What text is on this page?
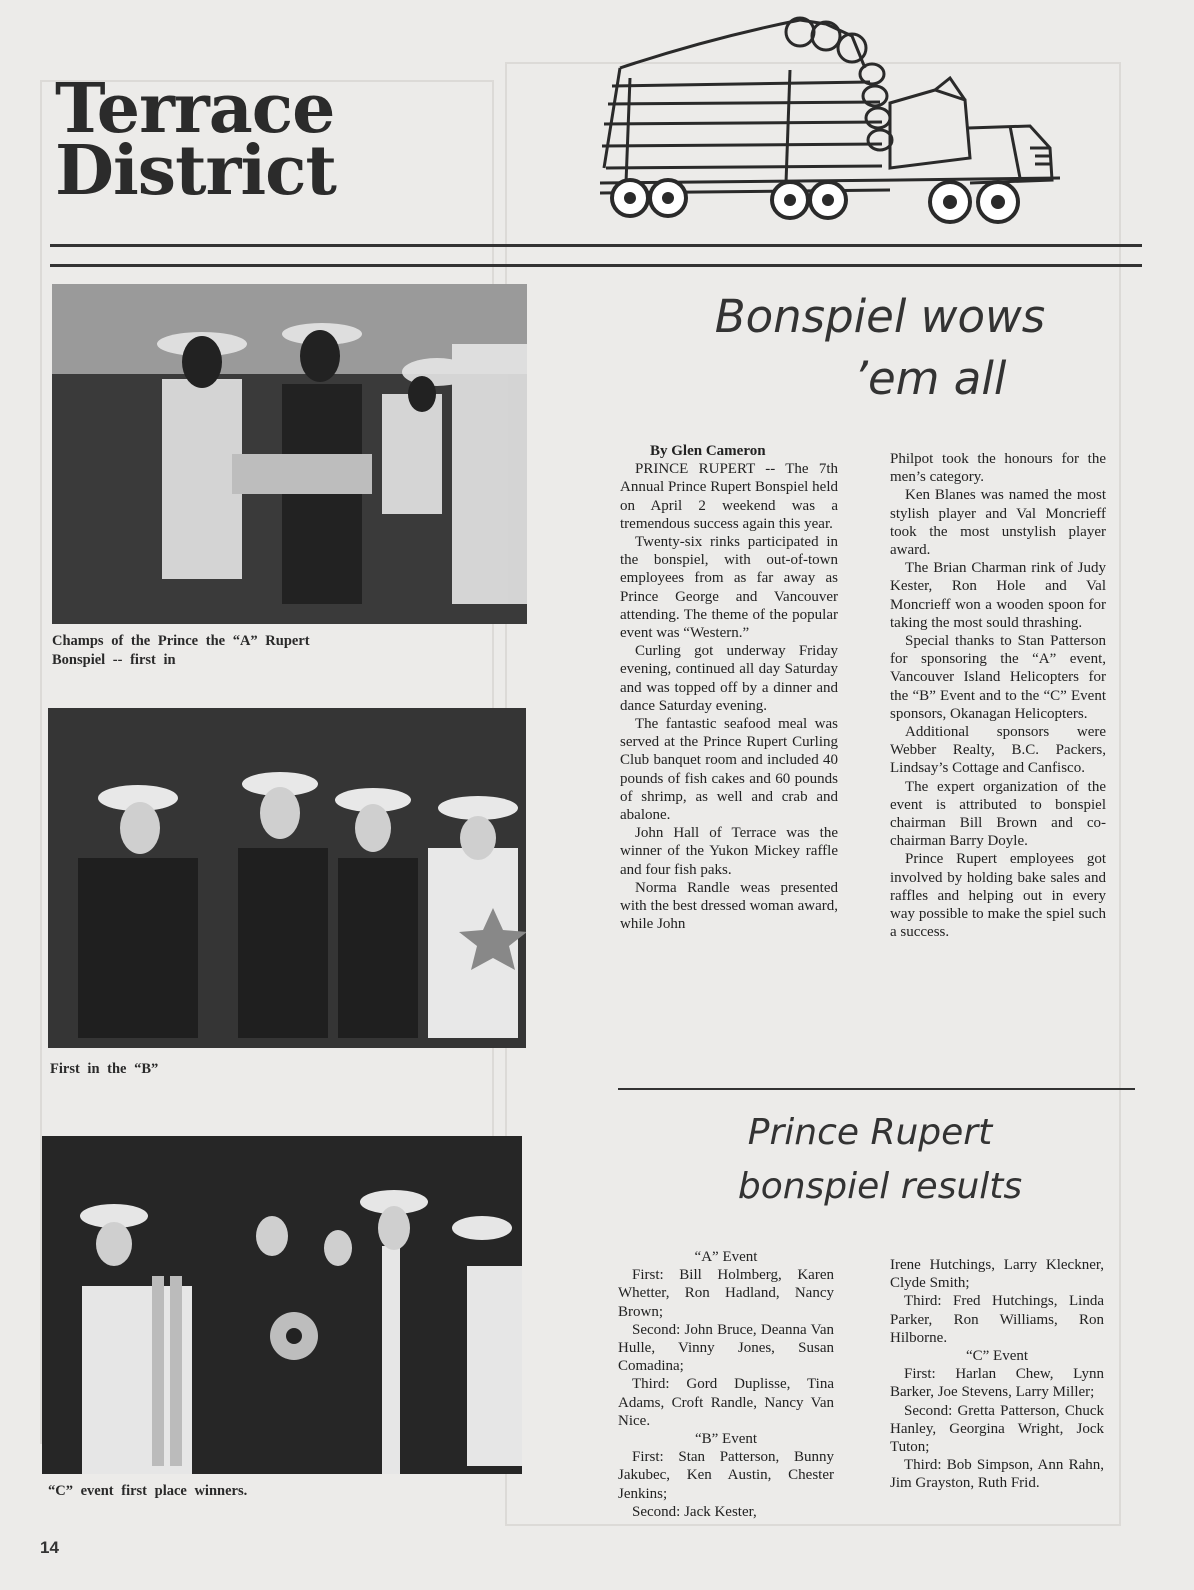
Terrace
District
Champs of the Prince the “A” Rupert Bonspiel -- first in
First in the “B”
“C” event first place winners.
Bonspiel wows
’em all

By Glen Cameron

PRINCE RUPERT -- The 7th Annual Prince Rupert Bonspiel held on April 2 weekend was a tremendous success again this year.

Twenty-six rinks participated in the bonspiel, with out-of-town employees from as far away as Prince George and Vancouver attending. The theme of the popular event was “Western.”

Curling got underway Friday evening, continued all day Saturday and was topped off by a dinner and dance Saturday evening.

The fantastic seafood meal was served at the Prince Rupert Curling Club banquet room and included 40 pounds of fish cakes and 60 pounds of shrimp, as well and crab and abalone.

John Hall of Terrace was the winner of the Yukon Mickey raffle and four fish paks.

Norma Randle weas presented with the best dressed woman award, while John

Philpot took the honours for the men’s category.

Ken Blanes was named the most stylish player and Val Moncrieff took the most unstylish player award.

The Brian Charman rink of Judy Kester, Ron Hole and Val Moncrieff won a wooden spoon for taking the most sould thrashing.

Special thanks to Stan Patterson for sponsoring the “A” event, Vancouver Island Helicopters for the “B” Event and to the “C” Event sponsors, Okanagan Helicopters.

Additional sponsors were Webber Realty, B.C. Packers, Lindsay’s Cottage and Canfisco.

The expert organization of the event is attributed to bonspiel chairman Bill Brown and co-chairman Barry Doyle.

Prince Rupert employees got involved by holding bake sales and raffles and helping out in every way possible to make the spiel such a success.

Prince Rupert
bonspiel results

“A” Event

First: Bill Holmberg, Karen Whetter, Ron Hadland, Nancy Brown;

Second: John Bruce, Deanna Van Hulle, Vinny Jones, Susan Comadina;

Third: Gord Duplisse, Tina Adams, Croft Randle, Nancy Van Nice.

“B” Event

First: Stan Patterson, Bunny Jakubec, Ken Austin, Chester Jenkins;

Second: Jack Kester,

Irene Hutchings, Larry Kleckner, Clyde Smith;

Third: Fred Hutchings, Linda Parker, Ron Williams, Ron Hilborne.

“C” Event

First: Harlan Chew, Lynn Barker, Joe Stevens, Larry Miller;

Second: Gretta Patterson, Chuck Hanley, Georgina Wright, Jock Tuton;

Third: Bob Simpson, Ann Rahn, Jim Grayston, Ruth Frid.

14
